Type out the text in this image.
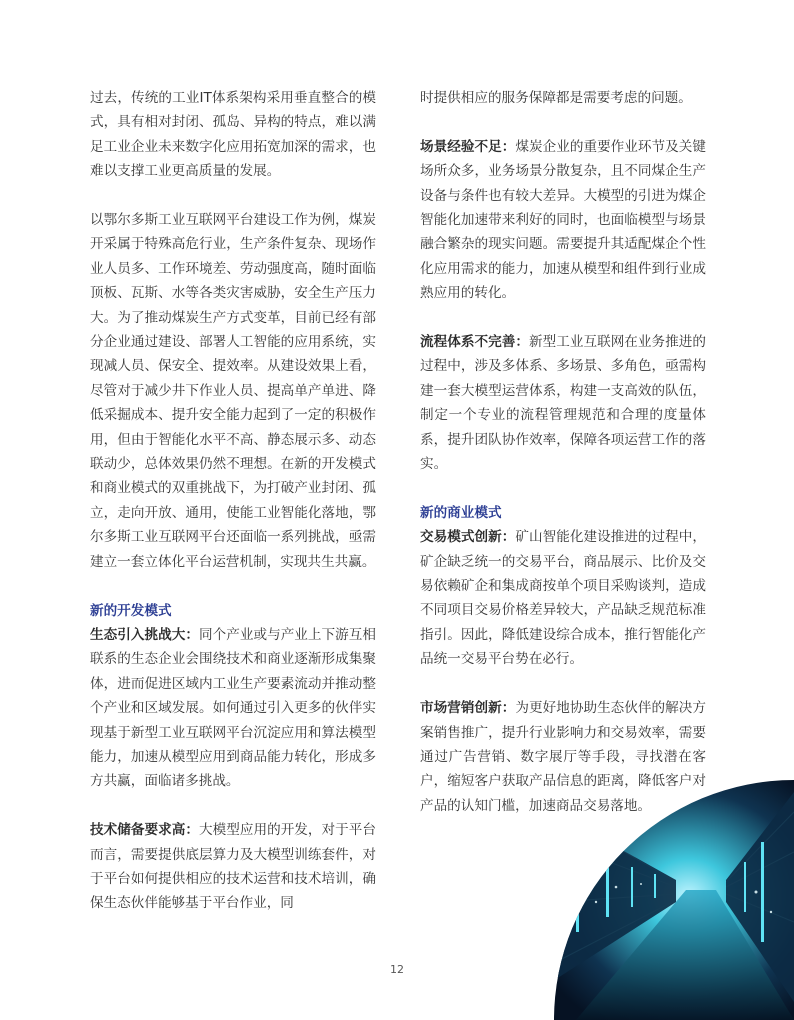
过去，传统的工业IT体系架构采用垂直整合的模式，具有相对封闭、孤岛、异构的特点，难以满足工业企业未来数字化应用拓宽加深的需求，也难以支撑工业更高质量的发展。

以鄂尔多斯工业互联网平台建设工作为例，煤炭开采属于特殊高危行业，生产条件复杂、现场作业人员多、工作环境差、劳动强度高，随时面临顶板、瓦斯、水等各类灾害威胁，安全生产压力大。为了推动煤炭生产方式变革，目前已经有部分企业通过建设、部署人工智能的应用系统，实现减人员、保安全、提效率。从建设效果上看，尽管对于减少井下作业人员、提高单产单进、降低采掘成本、提升安全能力起到了一定的积极作用，但由于智能化水平不高、静态展示多、动态联动少，总体效果仍然不理想。在新的开发模式和商业模式的双重挑战下，为打破产业封闭、孤立，走向开放、通用，使能工业智能化落地，鄂尔多斯工业互联网平台还面临一系列挑战，亟需建立一套立体化平台运营机制，实现共生共赢。

新的开发模式

生态引入挑战大：同个产业或与产业上下游互相联系的生态企业会围绕技术和商业逐渐形成集聚体，进而促进区域内工业生产要素流动并推动整个产业和区域发展。如何通过引入更多的伙伴实现基于新型工业互联网平台沉淀应用和算法模型能力，加速从模型应用到商品能力转化，形成多方共赢，面临诸多挑战。

技术储备要求高：大模型应用的开发，对于平台而言，需要提供底层算力及大模型训练套件，对于平台如何提供相应的技术运营和技术培训，确保生态伙伴能够基于平台作业，同

时提供相应的服务保障都是需要考虑的问题。

场景经验不足：煤炭企业的重要作业环节及关键场所众多，业务场景分散复杂，且不同煤企生产设备与条件也有较大差异。大模型的引进为煤企智能化加速带来利好的同时，也面临模型与场景融合繁杂的现实问题。需要提升其适配煤企个性化应用需求的能力，加速从模型和组件到行业成熟应用的转化。

流程体系不完善：新型工业互联网在业务推进的过程中，涉及多体系、多场景、多角色，亟需构建一套大模型运营体系，构建一支高效的队伍，制定一个专业的流程管理规范和合理的度量体系，提升团队协作效率，保障各项运营工作的落实。

新的商业模式

交易模式创新：矿山智能化建设推进的过程中，矿企缺乏统一的交易平台，商品展示、比价及交易依赖矿企和集成商按单个项目采购谈判，造成不同项目交易价格差异较大，产品缺乏规范标准指引。因此，降低建设综合成本，推行智能化产品统一交易平台势在必行。

市场营销创新：为更好地协助生态伙伴的解决方案销售推广，提升行业影响力和交易效率，需要通过广告营销、数字展厅等手段，寻找潜在客户，缩短客户获取产品信息的距离，降低客户对产品的认知门槛，加速商品交易落地。

12
